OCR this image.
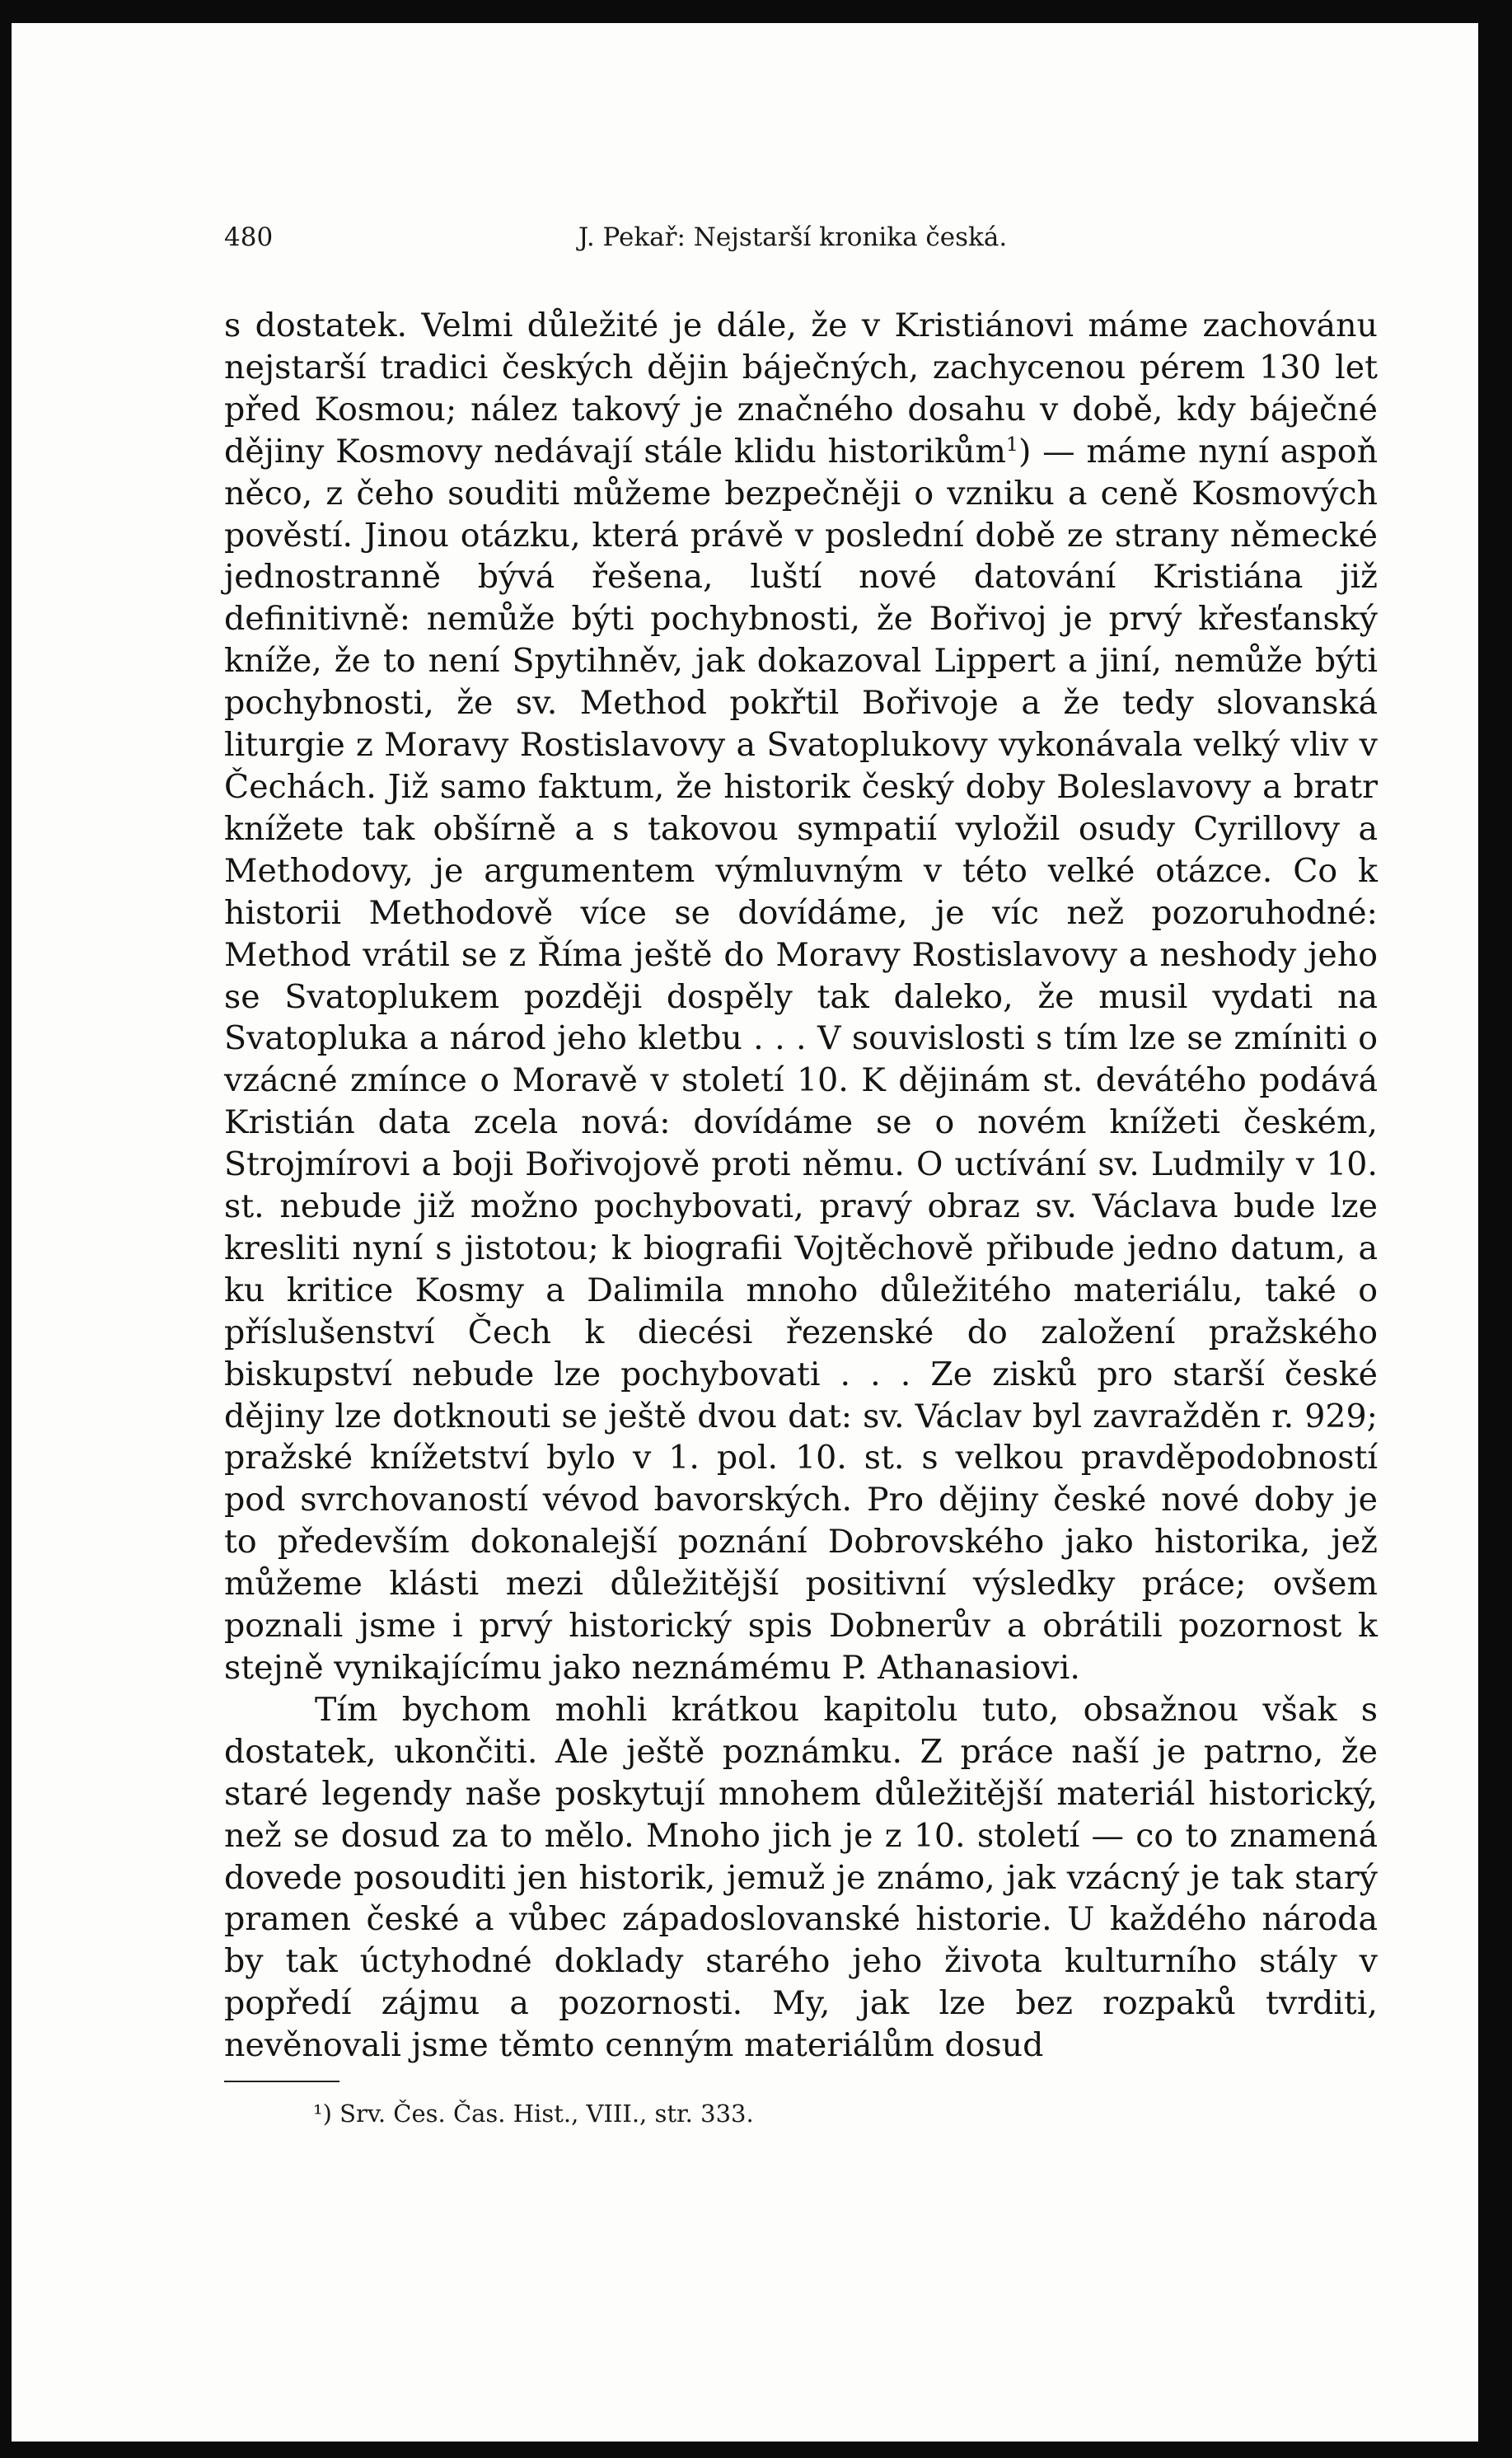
480	J. Pekař: Nejstarší kronika česká.

s dostatek. Velmi důležité je dále, že v Kristiánovi máme zachovánu nejstarší tradici českých dějin báječných, zachycenou pérem 130 let před Kosmou; nález takový je značného dosahu v době, kdy báječné dějiny Kosmovy nedávají stále klidu historikům$^1$) — máme nyní aspoň něco, z čeho souditi můžeme bezpečněji o vzniku a ceně Kosmových pověstí. Jinou otázku, která právě v poslední době ze strany německé jednostranně bývá řešena, luští nové datování Kristiána již definitivně: nemůže býti pochybnosti, že Bořivoj je prvý křesťanský kníže, že to není Spytihněv, jak dokazoval Lippert a jiní, nemůže býti pochybnosti, že sv. Method pokřtil Bořivoje a že tedy slovanská liturgie z Moravy Rostislavovy a Svatoplukovy vykonávala velký vliv v Čechách. Již samo faktum, že historik český doby Boleslavovy a bratr knížete tak obšírně a s takovou sympatií vyložil osudy Cyrillovy a Methodovy, je argumentem výmluvným v této velké otázce. Co k historii Methodově více se dovídáme, je víc než pozoruhodné: Method vrátil se z Říma ještě do Moravy Rostislavovy a neshody jeho se Svatoplukem později dospěly tak daleko, že musil vydati na Svatopluka a národ jeho kletbu . . . V souvislosti s tím lze se zmíniti o vzácné zmínce o Moravě v století 10. K dějinám st. devátého podává Kristián data zcela nová: dovídáme se o novém knížeti českém, Strojmírovi a boji Bořivojově proti němu. O uctívání sv. Ludmily v 10. st. nebude již možno pochybovati, pravý obraz sv. Václava bude lze kresliti nyní s jistotou; k biografii Vojtěchově přibude jedno datum, a ku kritice Kosmy a Dalimila mnoho důležitého materiálu, také o příslušenství Čech k diecési řezenské do založení pražského biskupství nebude lze pochybovati . . . Ze zisků pro starší české dějiny lze dotknouti se ještě dvou dat: sv. Václav byl zavražděn r. 929; pražské knížetství bylo v 1. pol. 10. st. s velkou pravděpodobností pod svrchovaností vévod bavorských. Pro dějiny české nové doby je to především dokonalejší poznání Dobrovského jako historika, jež můžeme klásti mezi důležitější positivní výsledky práce; ovšem poznali jsme i prvý historický spis Dobnerův a obrátili pozornost k stejně vynikajícímu jako neznámému P. Athanasiovi.

Tím bychom mohli krátkou kapitolu tuto, obsažnou však s dostatek, ukončiti. Ale ještě poznámku. Z práce naší je patrno, že staré legendy naše poskytují mnohem důležitější materiál historický, než se dosud za to mělo. Mnoho jich je z 10. století — co to znamená dovede posouditi jen historik, jemuž je známo, jak vzácný je tak starý pramen české a vůbec západoslovanské historie. U každého národa by tak úctyhodné doklady starého jeho života kulturního stály v popředí zájmu a pozornosti. My, jak lze bez rozpaků tvrditi, nevěnovali jsme těmto cenným materiálům dosud

¹) Srv. Čes. Čas. Hist., VIII., str. 333.
